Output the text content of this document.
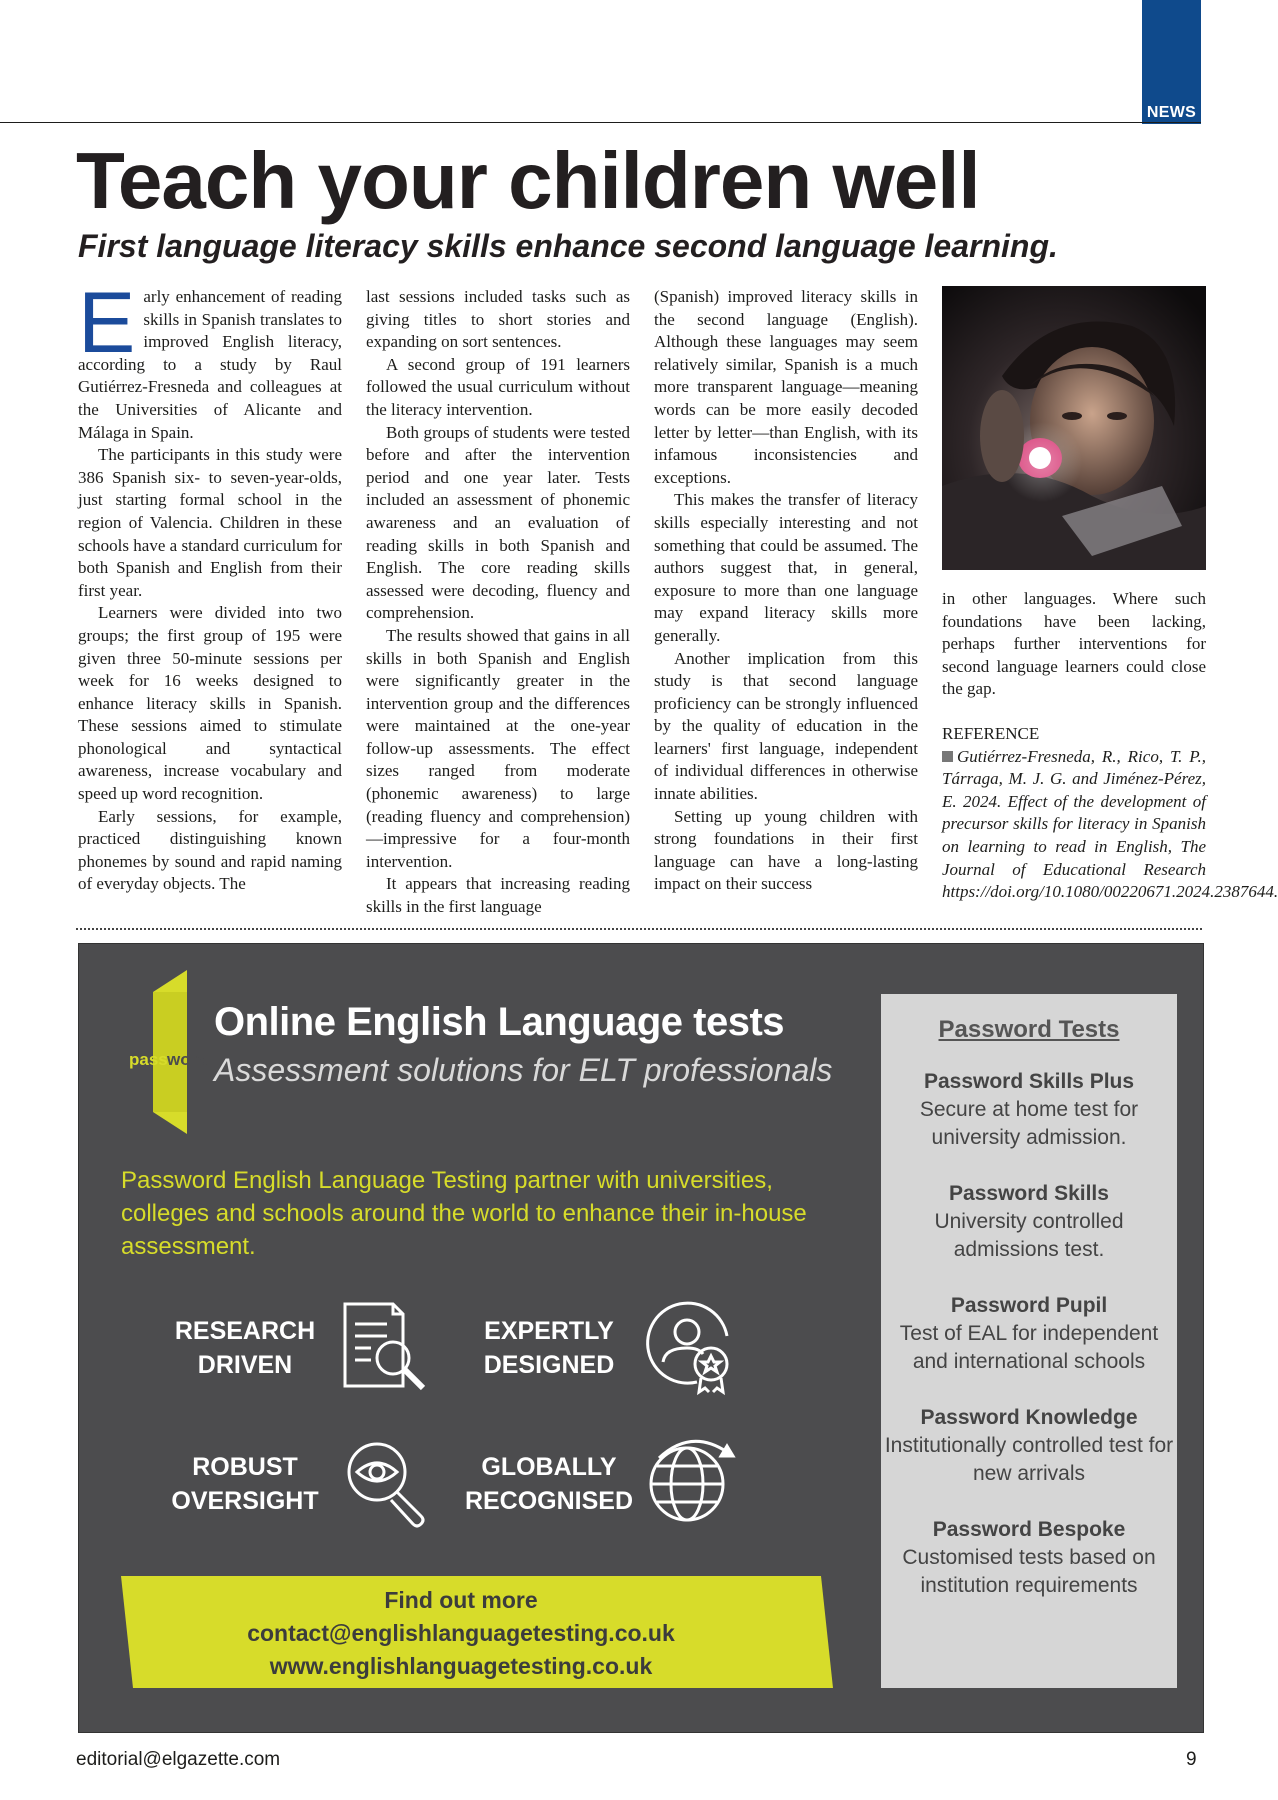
NEWS
Teach your children well
First language literacy skills enhance second language learning.

Early enhancement of reading skills in Spanish translates to improved English literacy, according to a study by Raul Gutiérrez-Fresneda and colleagues at the Universities of Alicante and Málaga in Spain.

The participants in this study were 386 Spanish six- to seven-year-olds, just starting formal school in the region of Valencia. Children in these schools have a standard curriculum for both Spanish and English from their first year.

Learners were divided into two groups; the first group of 195 were given three 50-minute sessions per week for 16 weeks designed to enhance literacy skills in Spanish. These sessions aimed to stimulate phonological and syntactical awareness, increase vocabulary and speed up word recognition.

Early sessions, for example, practiced distinguishing known phonemes by sound and rapid naming of everyday objects. The

last sessions included tasks such as giving titles to short stories and expanding on sort sentences.

A second group of 191 learners followed the usual curriculum without the literacy intervention.

Both groups of students were tested before and after the intervention period and one year later. Tests included an assessment of phonemic awareness and an evaluation of reading skills in both Spanish and English. The core reading skills assessed were decoding, fluency and comprehension.

The results showed that gains in all skills in both Spanish and English were significantly greater in the intervention group and the differences were maintained at the one-year follow-up assessments. The effect sizes ranged from moderate (phonemic awareness) to large (reading fluency and comprehension)—impressive for a four-month intervention.

It appears that increasing reading skills in the first language

(Spanish) improved literacy skills in the second language (English). Although these languages may seem relatively similar, Spanish is a much more transparent language—meaning words can be more easily decoded letter by letter—than English, with its infamous inconsistencies and exceptions.

This makes the transfer of literacy skills especially interesting and not something that could be assumed. The authors suggest that, in general, exposure to more than one language may expand literacy skills more generally.

Another implication from this study is that second language proficiency can be strongly influenced by the quality of education in the learners' first language, independent of individual differences in otherwise innate abilities.

Setting up young children with strong foundations in their first language can have a long-lasting impact on their success

in other languages. Where such foundations have been lacking, perhaps further interventions for second language learners could close the gap.

REFERENCE

Gutiérrez-Fresneda, R., Rico, T. P., Tárraga, M. J. G. and Jiménez-Pérez, E. 2024. Effect of the development of precursor skills for literacy in Spanish on learning to read in English, The Journal of Educational Research https://doi.org/10.1080/00220671.2024.2387644.

pass word
Online English Language tests

Assessment solutions for ELT professionals

Password English Language Testing partner with universities, colleges and schools around the world to enhance their in-house assessment.

RESEARCH
DRIVEN
EXPERTLY
DESIGNED
ROBUST
OVERSIGHT
GLOBALLY
RECOGNISED
Find out more
contact@englishlanguagetesting.co.uk
www.englishlanguagetesting.co.uk
Password Tests
Password Skills Plus
Secure at home test for university admission.
Password Skills
University controlled admissions test.
Password Pupil
Test of EAL for independent and international schools
Password Knowledge
Institutionally controlled test for new arrivals
Password Bespoke
Customised tests based on institution requirements
editorial@elgazette.com	9
